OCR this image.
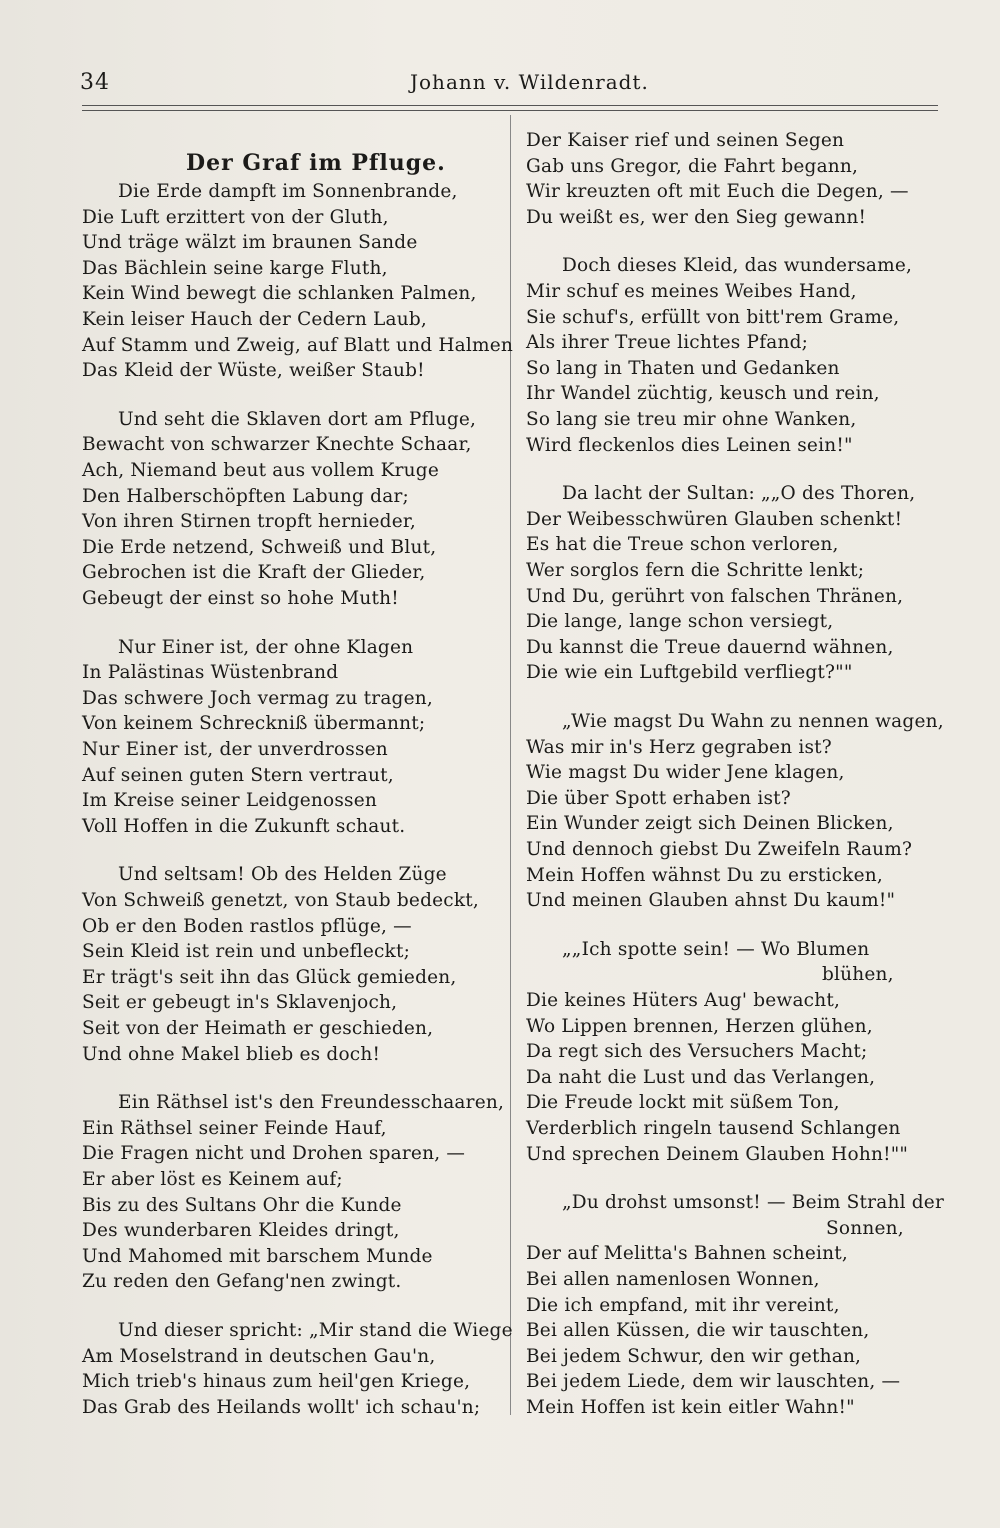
34	Johann v. Wildenradt.
Der Graf im Pfluge.
Die Erde dampft im Sonnenbrande,
Die Luft erzittert von der Gluth,
Und träge wälzt im braunen Sande
Das Bächlein seine karge Fluth,
Kein Wind bewegt die schlanken Palmen,
Kein leiser Hauch der Cedern Laub,
Auf Stamm und Zweig, auf Blatt und Halmen
Das Kleid der Wüste, weißer Staub!
Und seht die Sklaven dort am Pfluge,
Bewacht von schwarzer Knechte Schaar,
Ach, Niemand beut aus vollem Kruge
Den Halberschöpften Labung dar;
Von ihren Stirnen tropft hernieder,
Die Erde netzend, Schweiß und Blut,
Gebrochen ist die Kraft der Glieder,
Gebeugt der einst so hohe Muth!
Nur Einer ist, der ohne Klagen
In Palästinas Wüstenbrand
Das schwere Joch vermag zu tragen,
Von keinem Schreckniß übermannt;
Nur Einer ist, der unverdrossen
Auf seinen guten Stern vertraut,
Im Kreise seiner Leidgenossen
Voll Hoffen in die Zukunft schaut.
Und seltsam! Ob des Helden Züge
Von Schweiß genetzt, von Staub bedeckt,
Ob er den Boden rastlos pflüge, —
Sein Kleid ist rein und unbefleckt;
Er trägt's seit ihn das Glück gemieden,
Seit er gebeugt in's Sklavenjoch,
Seit von der Heimath er geschieden,
Und ohne Makel blieb es doch!
Ein Räthsel ist's den Freundesschaaren,
Ein Räthsel seiner Feinde Hauf,
Die Fragen nicht und Drohen sparen, —
Er aber löst es Keinem auf;
Bis zu des Sultans Ohr die Kunde
Des wunderbaren Kleides dringt,
Und Mahomed mit barschem Munde
Zu reden den Gefang'nen zwingt.
Und dieser spricht: „Mir stand die Wiege
Am Moselstrand in deutschen Gau'n,
Mich trieb's hinaus zum heil'gen Kriege,
Das Grab des Heilands wollt' ich schau'n;
Der Kaiser rief und seinen Segen
Gab uns Gregor, die Fahrt begann,
Wir kreuzten oft mit Euch die Degen, —
Du weißt es, wer den Sieg gewann!
Doch dieses Kleid, das wundersame,
Mir schuf es meines Weibes Hand,
Sie schuf's, erfüllt von bitt'rem Grame,
Als ihrer Treue lichtes Pfand;
So lang in Thaten und Gedanken
Ihr Wandel züchtig, keusch und rein,
So lang sie treu mir ohne Wanken,
Wird fleckenlos dies Leinen sein!"
Da lacht der Sultan: „„O des Thoren,
Der Weibesschwüren Glauben schenkt!
Es hat die Treue schon verloren,
Wer sorglos fern die Schritte lenkt;
Und Du, gerührt von falschen Thränen,
Die lange, lange schon versiegt,
Du kannst die Treue dauernd wähnen,
Die wie ein Luftgebild verfliegt?""
„Wie magst Du Wahn zu nennen wagen,
Was mir in's Herz gegraben ist?
Wie magst Du wider Jene klagen,
Die über Spott erhaben ist?
Ein Wunder zeigt sich Deinen Blicken,
Und dennoch giebst Du Zweifeln Raum?
Mein Hoffen wähnst Du zu ersticken,
Und meinen Glauben ahnst Du kaum!"
„„Ich spotte sein! — Wo Blumen
blühen,
Die keines Hüters Aug' bewacht,
Wo Lippen brennen, Herzen glühen,
Da regt sich des Versuchers Macht;
Da naht die Lust und das Verlangen,
Die Freude lockt mit süßem Ton,
Verderblich ringeln tausend Schlangen
Und sprechen Deinem Glauben Hohn!""
„Du drohst umsonst! — Beim Strahl der
Sonnen,
Der auf Melitta's Bahnen scheint,
Bei allen namenlosen Wonnen,
Die ich empfand, mit ihr vereint,
Bei allen Küssen, die wir tauschten,
Bei jedem Schwur, den wir gethan,
Bei jedem Liede, dem wir lauschten, —
Mein Hoffen ist kein eitler Wahn!"
